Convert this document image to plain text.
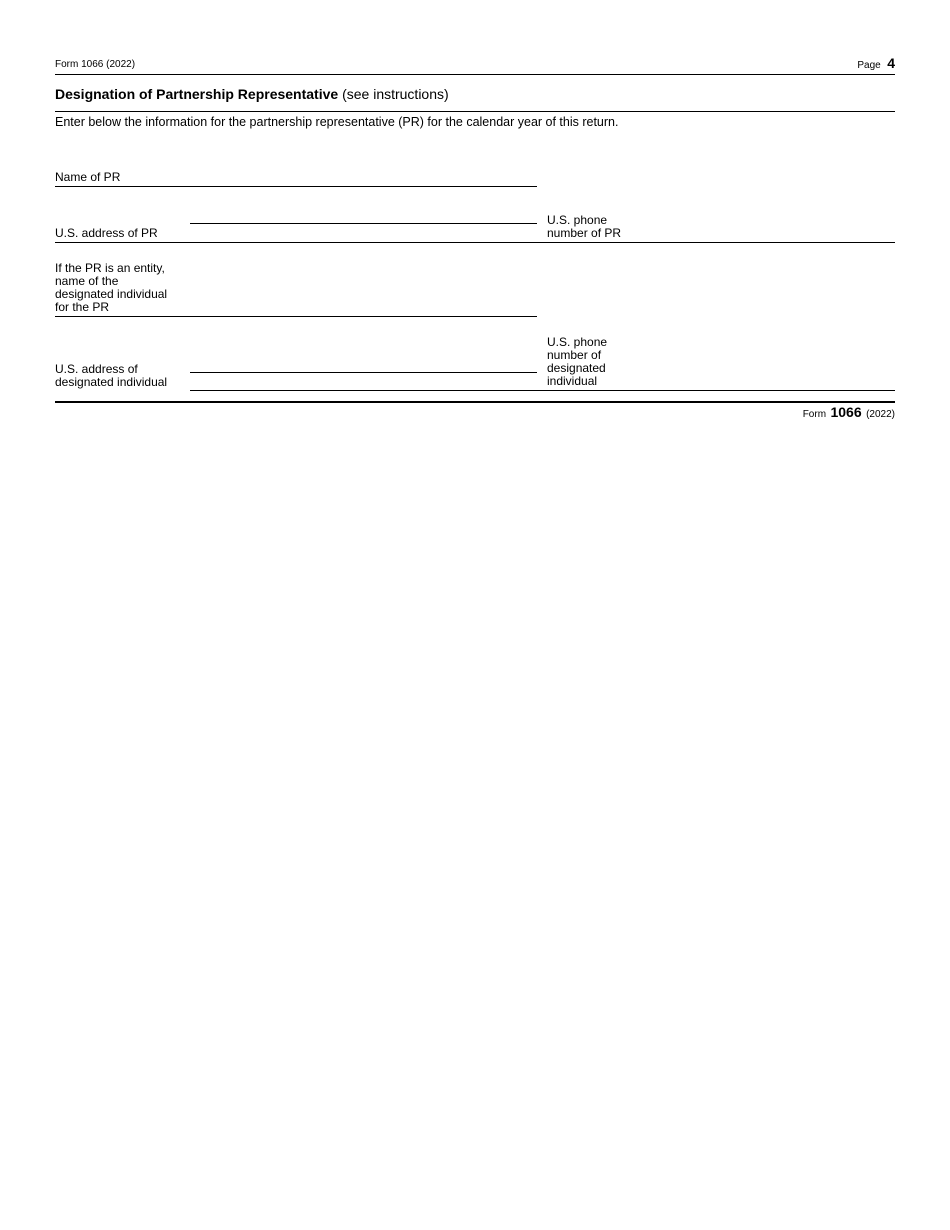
Form 1066 (2022)	Page 4
Designation of Partnership Representative (see instructions)
Enter below the information for the partnership representative (PR) for the calendar year of this return.
Name of PR
U.S. address of PR
U.S. phone
number of PR
If the PR is an entity,
name of the
designated individual
for the PR
U.S. address of
designated individual
U.S. phone
number of
designated
individual
Form 1066 (2022)
